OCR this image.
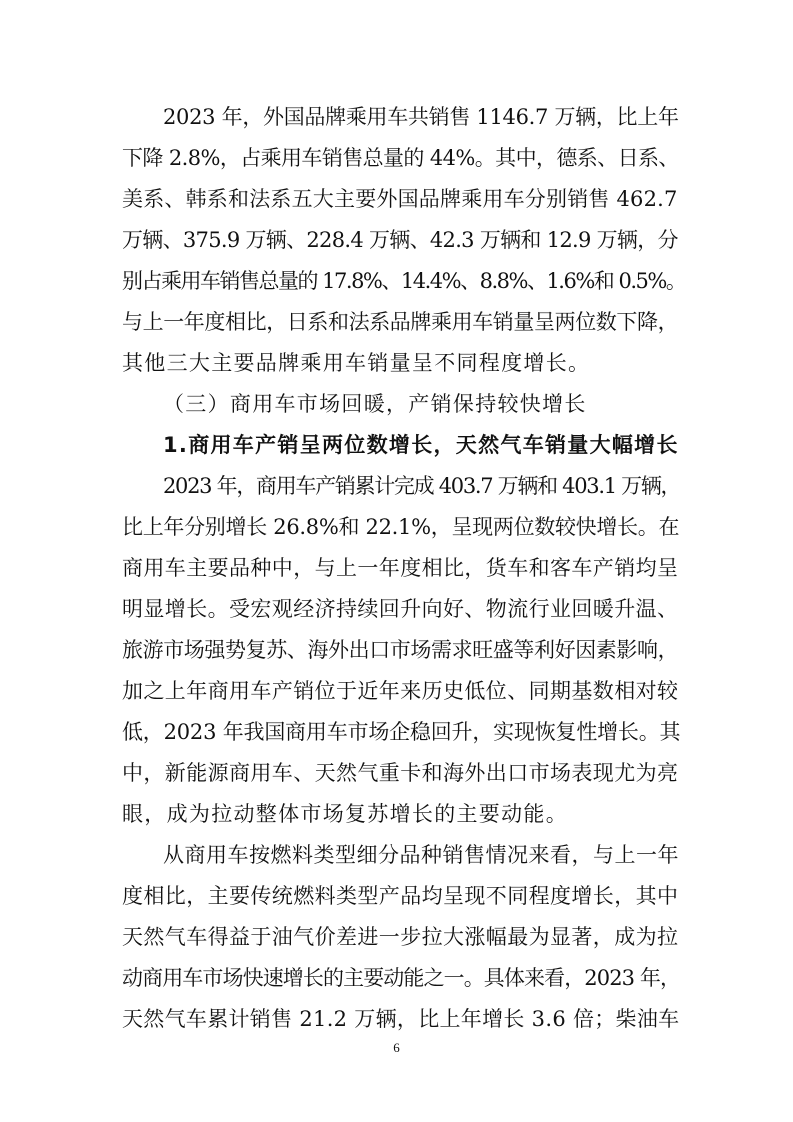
2023 年，外国品牌乘用车共销售 1146.7 万辆，比上年
下降 2.8%，占乘用车销售总量的 44%。其中，德系、日系、
美系、韩系和法系五大主要外国品牌乘用车分别销售 462.7
万辆、375.9 万辆、228.4 万辆、42.3 万辆和 12.9 万辆，分
别占乘用车销售总量的 17.8%、14.4%、8.8%、1.6%和 0.5%。
与上一年度相比，日系和法系品牌乘用车销量呈两位数下降，
其他三大主要品牌乘用车销量呈不同程度增长。
（三）商用车市场回暖，产销保持较快增长
1.商用车产销呈两位数增长，天然气车销量大幅增长
2023 年，商用车产销累计完成 403.7 万辆和 403.1 万辆，
比上年分别增长 26.8%和 22.1%，呈现两位数较快增长。在
商用车主要品种中，与上一年度相比，货车和客车产销均呈
明显增长。受宏观经济持续回升向好、物流行业回暖升温、
旅游市场强势复苏、海外出口市场需求旺盛等利好因素影响，
加之上年商用车产销位于近年来历史低位、同期基数相对较
低，2023 年我国商用车市场企稳回升，实现恢复性增长。其
中，新能源商用车、天然气重卡和海外出口市场表现尤为亮
眼，成为拉动整体市场复苏增长的主要动能。
从商用车按燃料类型细分品种销售情况来看，与上一年
度相比，主要传统燃料类型产品均呈现不同程度增长，其中
天然气车得益于油气价差进一步拉大涨幅最为显著，成为拉
动商用车市场快速增长的主要动能之一。具体来看，2023 年，
天然气车累计销售 21.2 万辆，比上年增长 3.6 倍；柴油车
6
